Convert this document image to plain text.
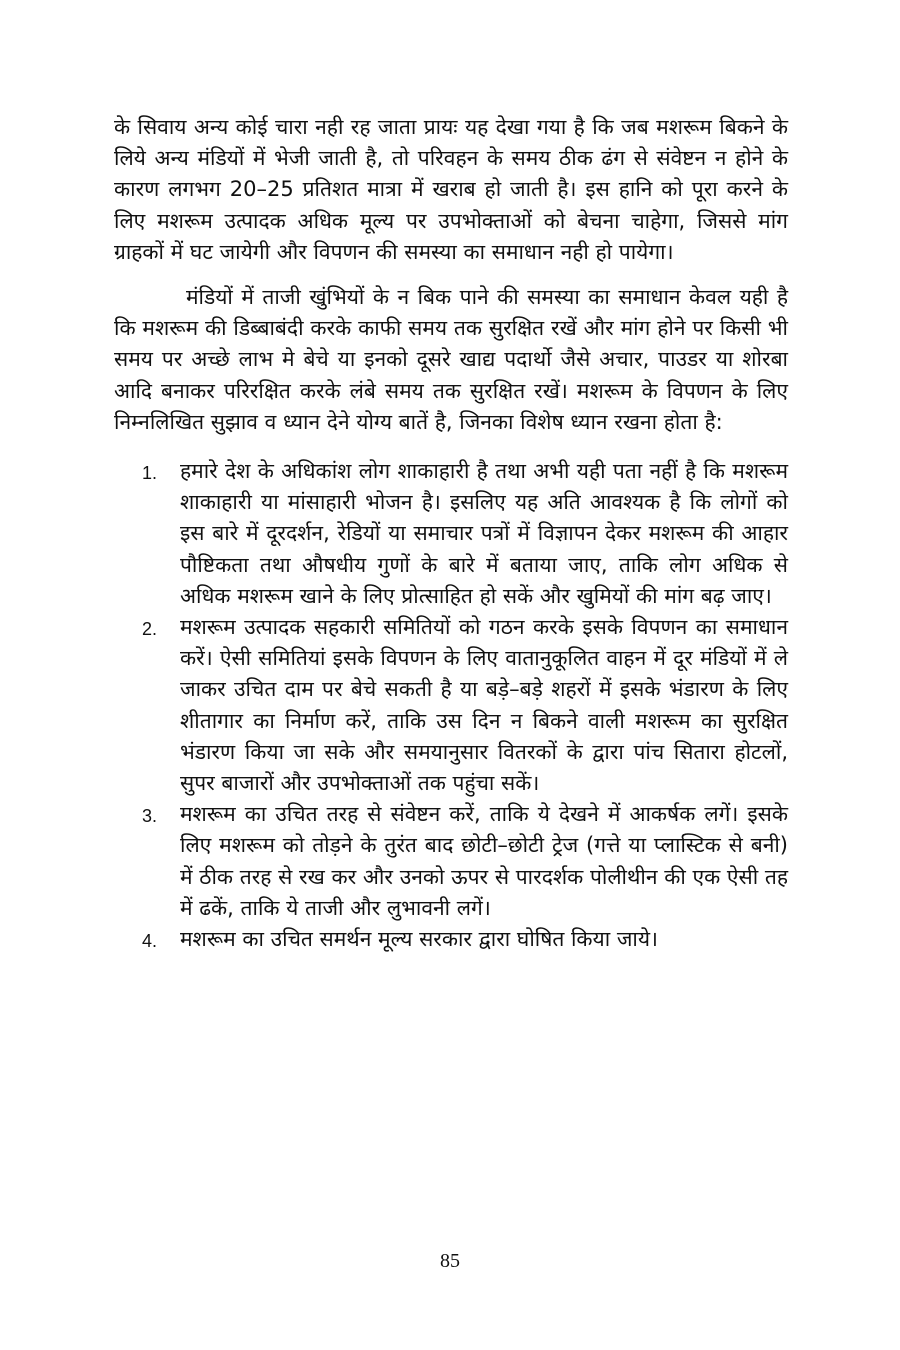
के सिवाय अन्य कोई चारा नही रह जाता प्रायः यह देखा गया है कि जब मशरूम बिकने के लिये अन्य मंडियों में भेजी जाती है, तो परिवहन के समय ठीक ढंग से संवेष्टन न होने के कारण लगभग 20–25 प्रतिशत मात्रा में खराब हो जाती है। इस हानि को पूरा करने के लिए मशरूम उत्पादक अधिक मूल्य पर उपभोक्ताओं को बेचना चाहेगा, जिससे मांग ग्राहकों में घट जायेगी और विपणन की समस्या का समाधान नही हो पायेगा।

मंडियों में ताजी खुंभियों के न बिक पाने की समस्या का समाधान केवल यही है कि मशरूम की डिब्बाबंदी करके काफी समय तक सुरक्षित रखें और मांग होने पर किसी भी समय पर अच्छे लाभ मे बेचे या इनको दूसरे खाद्य पदार्थो जैसे अचार, पाउडर या शोरबा आदि बनाकर परिरक्षित करके लंबे समय तक सुरक्षित रखें। मशरूम के विपणन के लिए निम्नलिखित सुझाव व ध्यान देने योग्य बातें है, जिनका विशेष ध्यान रखना होता है:

1.	हमारे देश के अधिकांश लोग शाकाहारी है तथा अभी यही पता नहीं है कि मशरूम शाकाहारी या मांसाहारी भोजन है। इसलिए यह अति आवश्यक है कि लोगों को इस बारे में दूरदर्शन, रेडियों या समाचार पत्रों में विज्ञापन देकर मशरूम की आहार पौष्टिकता तथा औषधीय गुणों के बारे में बताया जाए, ताकि लोग अधिक से अधिक मशरूम खाने के लिए प्रोत्साहित हो सकें और खुमियों की मांग बढ़ जाए।
2.	मशरूम उत्पादक सहकारी समितियों को गठन करके इसके विपणन का समाधान करें। ऐसी समितियां इसके विपणन के लिए वातानुकूलित वाहन में दूर मंडियों में ले जाकर उचित दाम पर बेचे सकती है या बड़े–बड़े शहरों में इसके भंडारण के लिए शीतागार का निर्माण करें, ताकि उस दिन न बिकने वाली मशरूम का सुरक्षित भंडारण किया जा सके और समयानुसार वितरकों के द्वारा पांच सितारा होटलों, सुपर बाजारों और उपभोक्ताओं तक पहुंचा सकें।
3.	मशरूम का उचित तरह से संवेष्टन करें, ताकि ये देखने में आकर्षक लगें। इसके लिए मशरूम को तोड़ने के तुरंत बाद छोटी–छोटी ट्रेज (गत्ते या प्लास्टिक से बनी) में ठीक तरह से रख कर और उनको ऊपर से पारदर्शक पोलीथीन की एक ऐसी तह में ढकें, ताकि ये ताजी और लुभावनी लगें।
4.	मशरूम का उचित समर्थन मूल्य सरकार द्वारा घोषित किया जाये।
85
